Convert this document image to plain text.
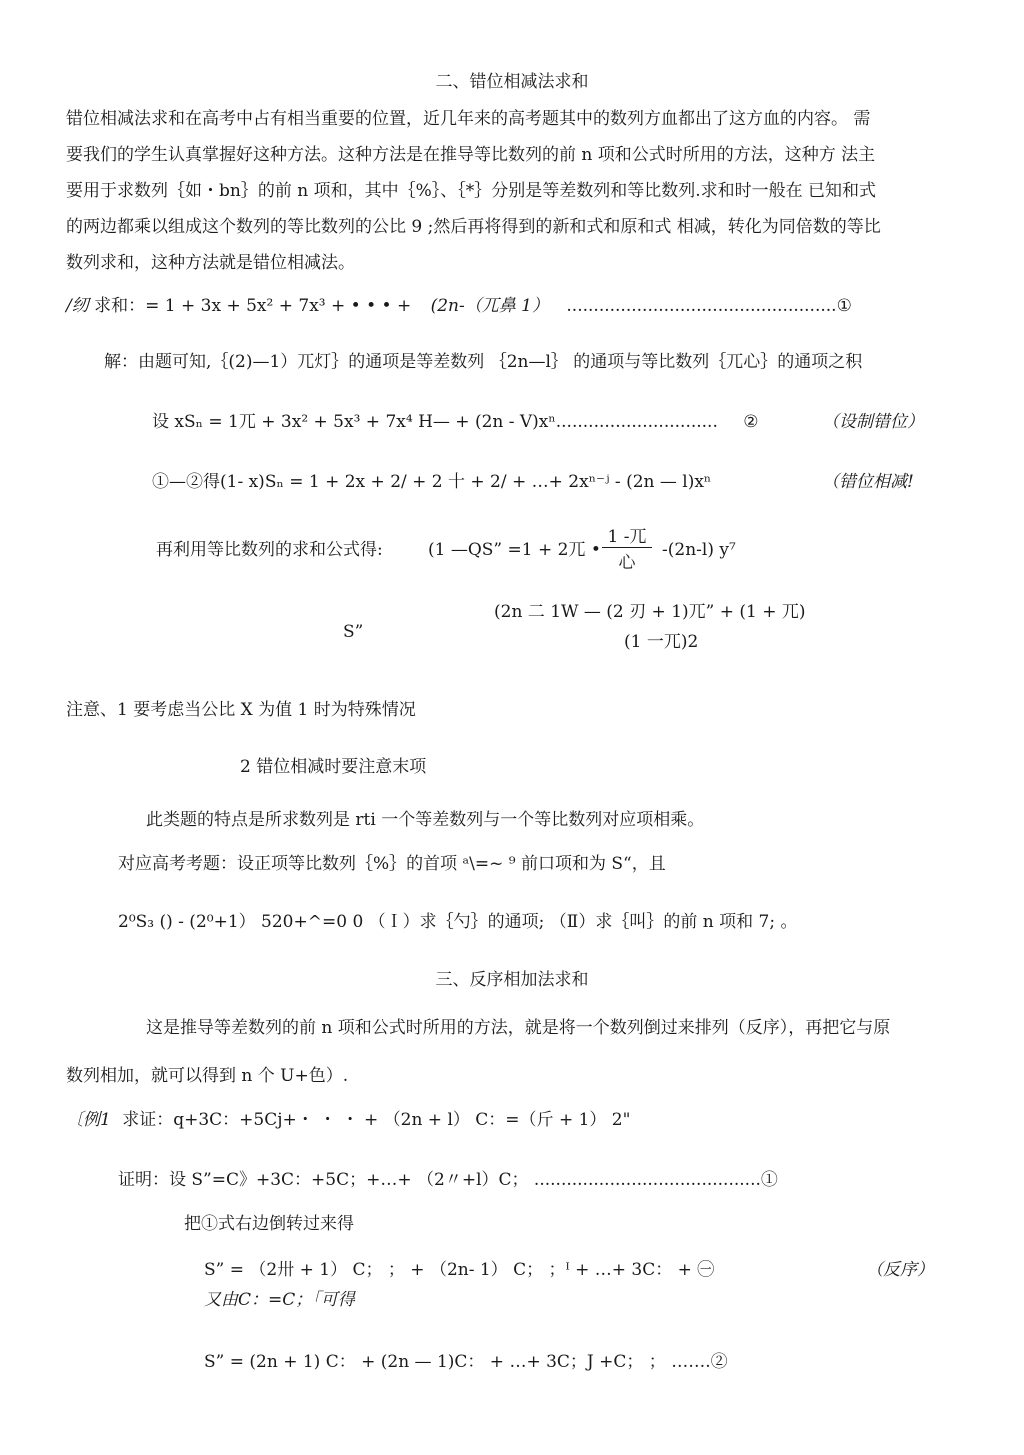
二、错位相减法求和
错位相减法求和在高考中占有相当重要的位置，近几年来的高考题其中的数列方血都出了这方血的内容。 需
要我们的学生认真掌握好这种方法。这种方法是在推导等比数列的前 n 项和公式时所用的方法，这种方 法主
要用于求数列｛如・bn｝的前 n 项和，其中｛%｝、｛*｝分别是等差数列和等比数列.求和时一般在 已知和式
的两边都乘以组成这个数列的等比数列的公比 9 ;然后再将得到的新和式和原和式 相减，转化为同倍数的等比
数列求和，这种方法就是错位相减法。
/纫 求和：= 1 + 3x + 5x² + 7x³ + • • • + (2n-（兀鼻 1） ..................................................①
解：由题可知,｛(2)—1）兀灯｝的通项是等差数列 ｛2n—l｝ 的通项与等比数列｛兀心｝的通项之积
设 xSₙ = 1兀 + 3x² + 5x³ + 7x⁴ H— + (2n - V)xⁿ.............................. ②	（设制错位）
①—②得(1- x)Sₙ = 1 + 2x + 2/ + 2 十 + 2/ + …+ 2xⁿ⁻ʲ - (2n — l)xⁿ	（错位相减!
再利用等比数列的求和公式得:	(1 —QS” =1 + 2兀 •
1 -兀
心
-(2n-l) y⁷
S”
(2n 二 1W — (2 刃 + 1)兀” + (1 + 兀)
(1 一兀)2
注意、1 要考虑当公比 X 为值 1 时为特殊情况
2 错位相减时要注意末项
此类题的特点是所求数列是 rti 一个等差数列与一个等比数列对应项相乘。
对应高考考题：设正项等比数列｛%｝的首项 ᵃ\=~ ⁹ 前口项和为 S“，且
2⁰S₃ () - (2⁰+1） 520+^=0 0 （Ｉ）求｛勺｝的通项; （Ⅱ）求｛叫｝的前 n 项和 7; 。
三、反序相加法求和
这是推导等差数列的前 n 项和公式时所用的方法，就是将一个数列倒过来排列（反序），再把它与原
数列相加，就可以得到 n 个 U+色）.
〔例1 求证：q+3C：+5Cj+・ ・ ・ + （2n + l） C：=（斤 + 1） 2"
证明：设 S”=C》+3C：+5C；+…+ （2〃+l）C； ..........................................①
把①式右边倒转过来得
S” = （2卅 + 1） C； ； + （2n- 1） C； ；ᴵ + …+ 3C： + ㊀	（反序）
又由C：=C；「可得
S” = (2n + 1) C： + (2n — 1)C： + …+ 3C；J +C； ； …….②
